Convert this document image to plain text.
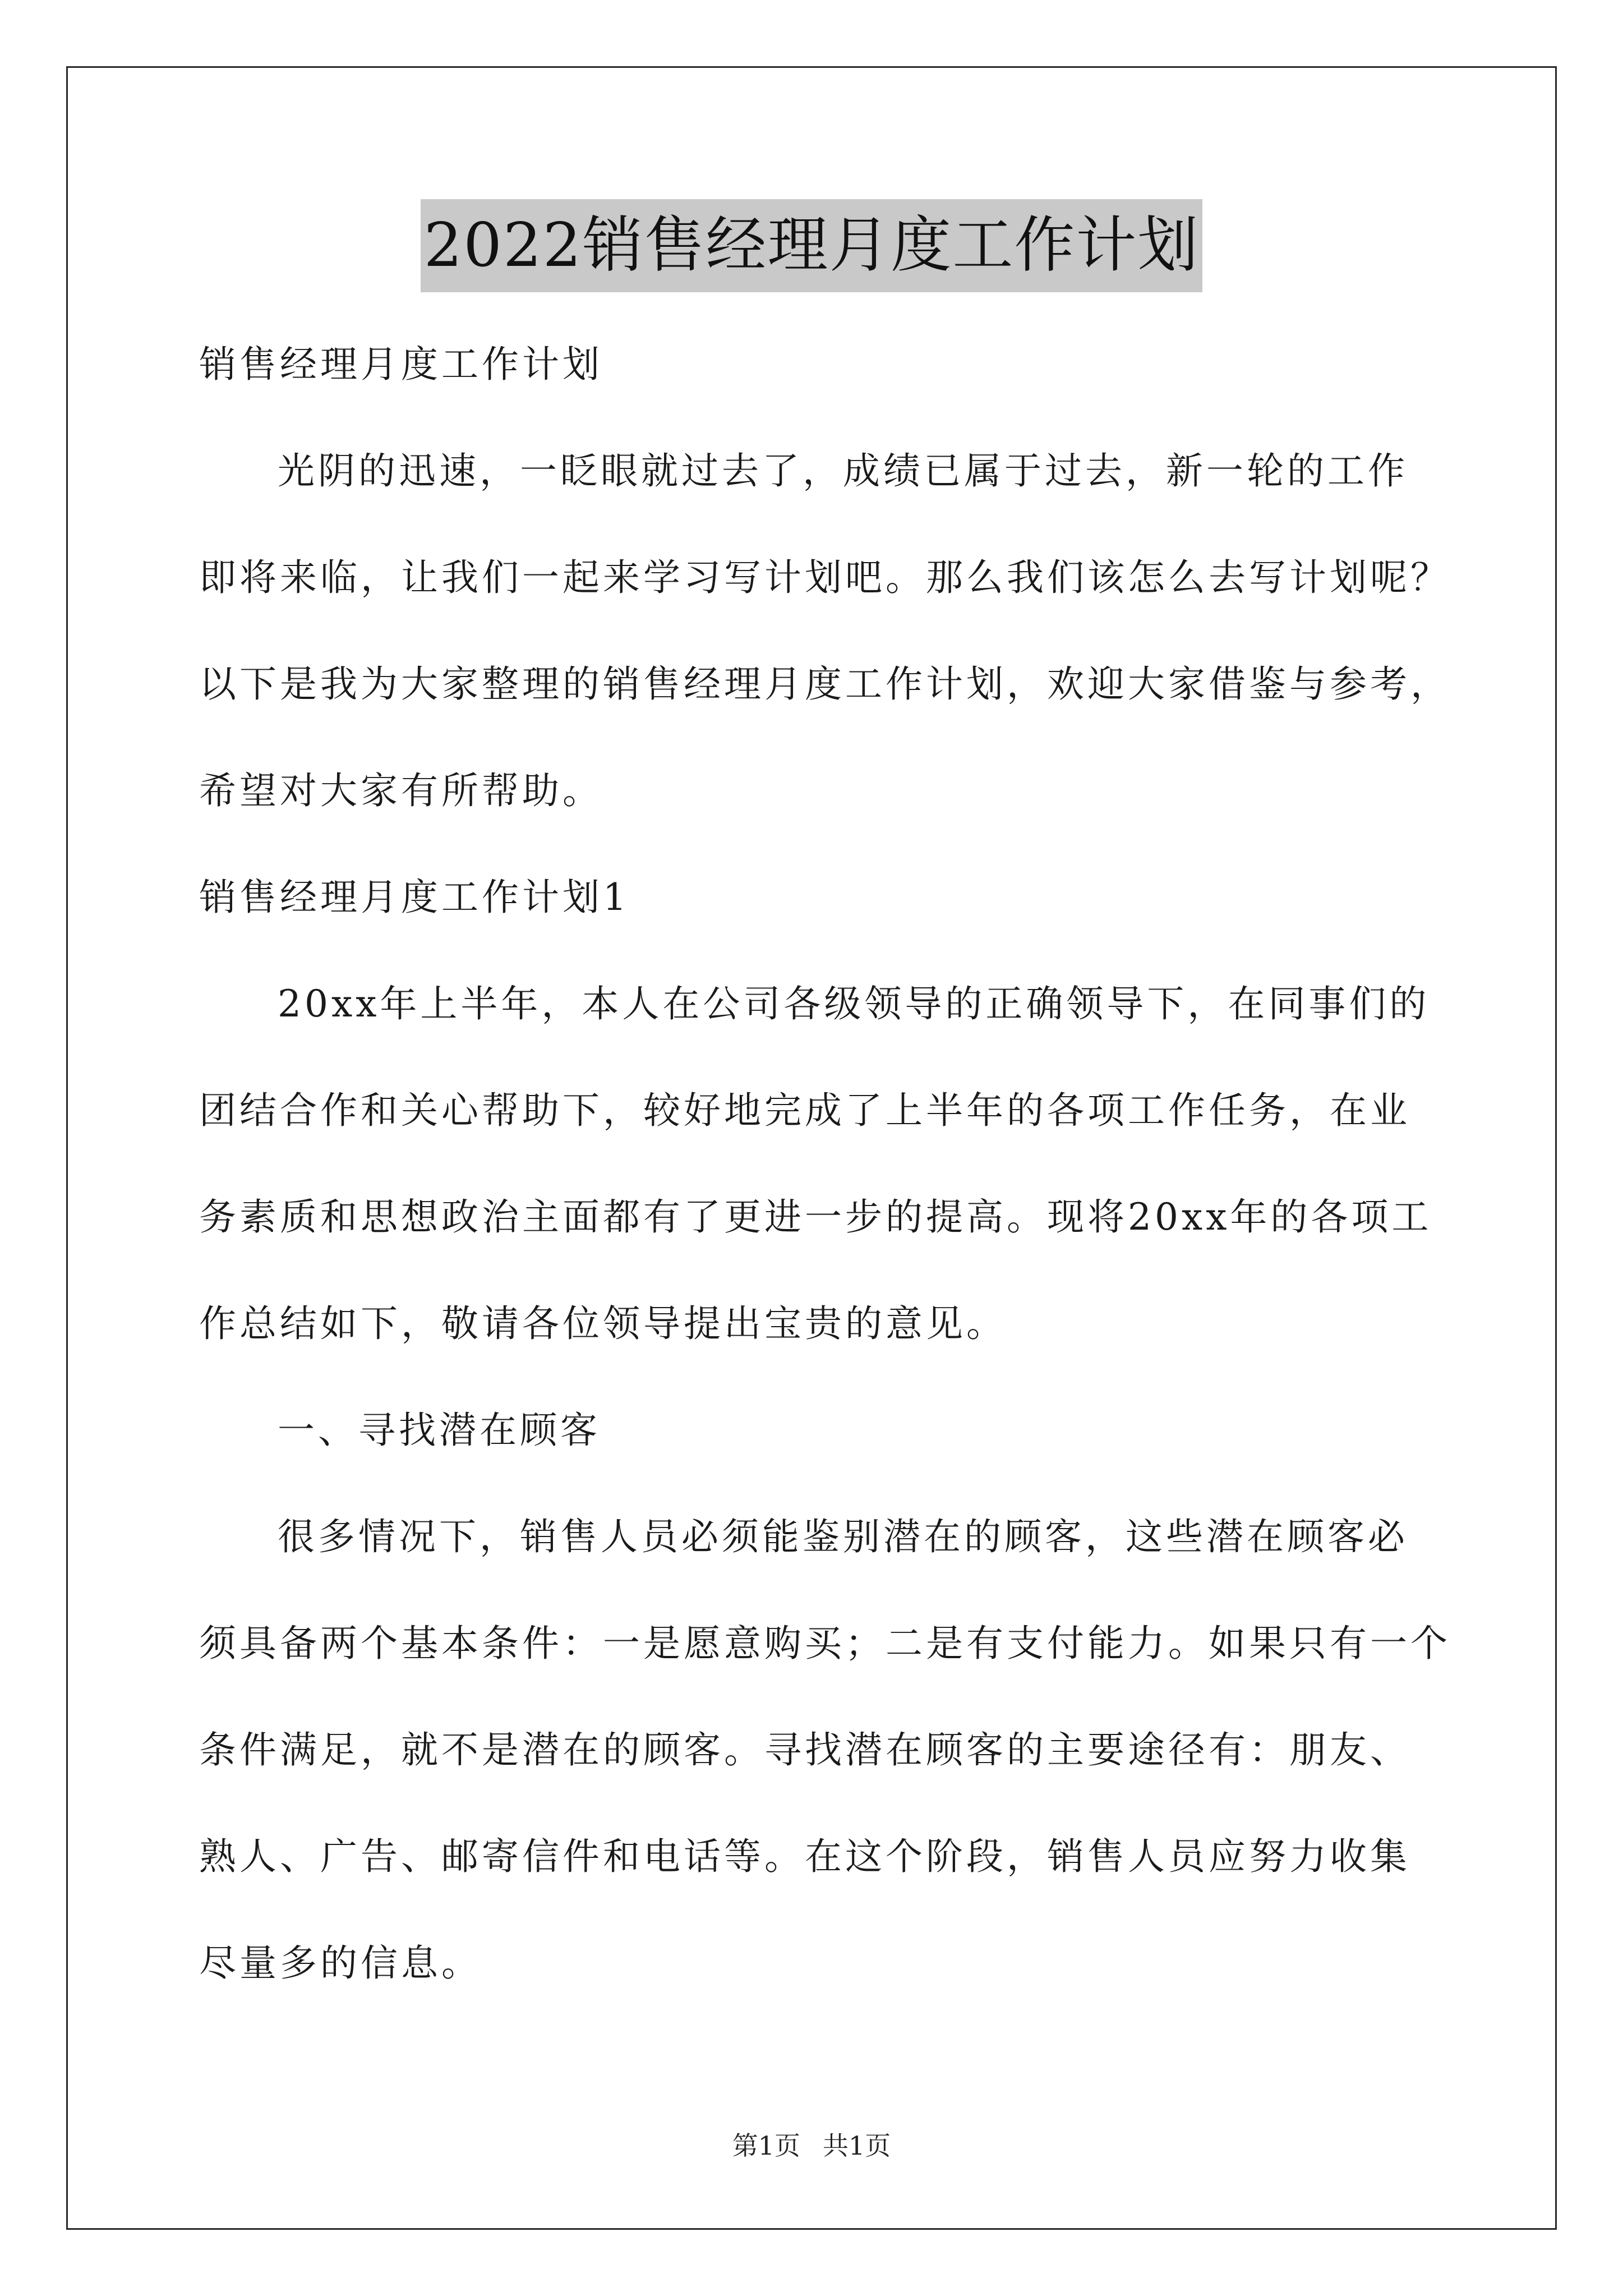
2022销售经理月度工作计划
销售经理月度工作计划
光阴的迅速，一眨眼就过去了，成绩已属于过去，新一轮的工作
即将来临，让我们一起来学习写计划吧。那么我们该怎么去写计划呢？
以下是我为大家整理的销售经理月度工作计划，欢迎大家借鉴与参考，
希望对大家有所帮助。
销售经理月度工作计划1
20xx年上半年，本人在公司各级领导的正确领导下，在同事们的
团结合作和关心帮助下，较好地完成了上半年的各项工作任务，在业
务素质和思想政治主面都有了更进一步的提高。现将20xx年的各项工
作总结如下，敬请各位领导提出宝贵的意见。
一、寻找潜在顾客
很多情况下，销售人员必须能鉴别潜在的顾客，这些潜在顾客必
须具备两个基本条件：一是愿意购买；二是有支付能力。如果只有一个
条件满足，就不是潜在的顾客。寻找潜在顾客的主要途径有：朋友、
熟人、广告、邮寄信件和电话等。在这个阶段，销售人员应努力收集
尽量多的信息。
第1页 共1页
